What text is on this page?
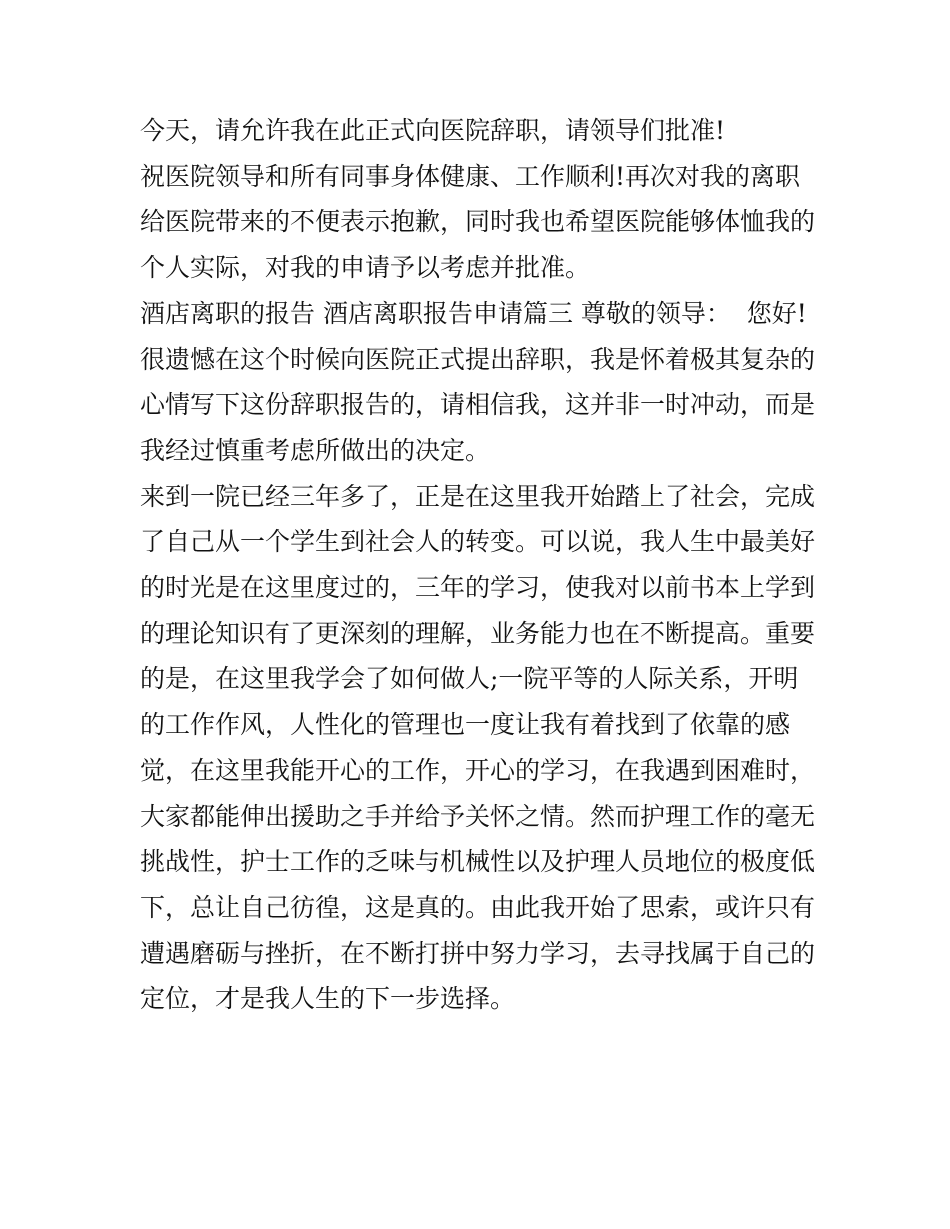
今天，请允许我在此正式向医院辞职，请领导们批准!

祝医院领导和所有同事身体健康、工作顺利!再次对我的离职
给医院带来的不便表示抱歉，同时我也希望医院能够体恤我的
个人实际，对我的申请予以考虑并批准。

酒店离职的报告 酒店离职报告申请篇三 尊敬的领导：  您好!

很遗憾在这个时候向医院正式提出辞职，我是怀着极其复杂的
心情写下这份辞职报告的，请相信我，这并非一时冲动，而是
我经过慎重考虑所做出的决定。

来到一院已经三年多了，正是在这里我开始踏上了社会，完成
了自己从一个学生到社会人的转变。可以说，我人生中最美好
的时光是在这里度过的，三年的学习，使我对以前书本上学到
的理论知识有了更深刻的理解，业务能力也在不断提高。重要
的是，在这里我学会了如何做人;一院平等的人际关系，开明
的工作作风，人性化的管理也一度让我有着找到了依靠的感
觉，在这里我能开心的工作，开心的学习，在我遇到困难时，
大家都能伸出援助之手并给予关怀之情。然而护理工作的毫无
挑战性，护士工作的乏味与机械性以及护理人员地位的极度低
下，总让自己彷徨，这是真的。由此我开始了思索，或许只有
遭遇磨砺与挫折，在不断打拼中努力学习，去寻找属于自己的
定位，才是我人生的下一步选择。
